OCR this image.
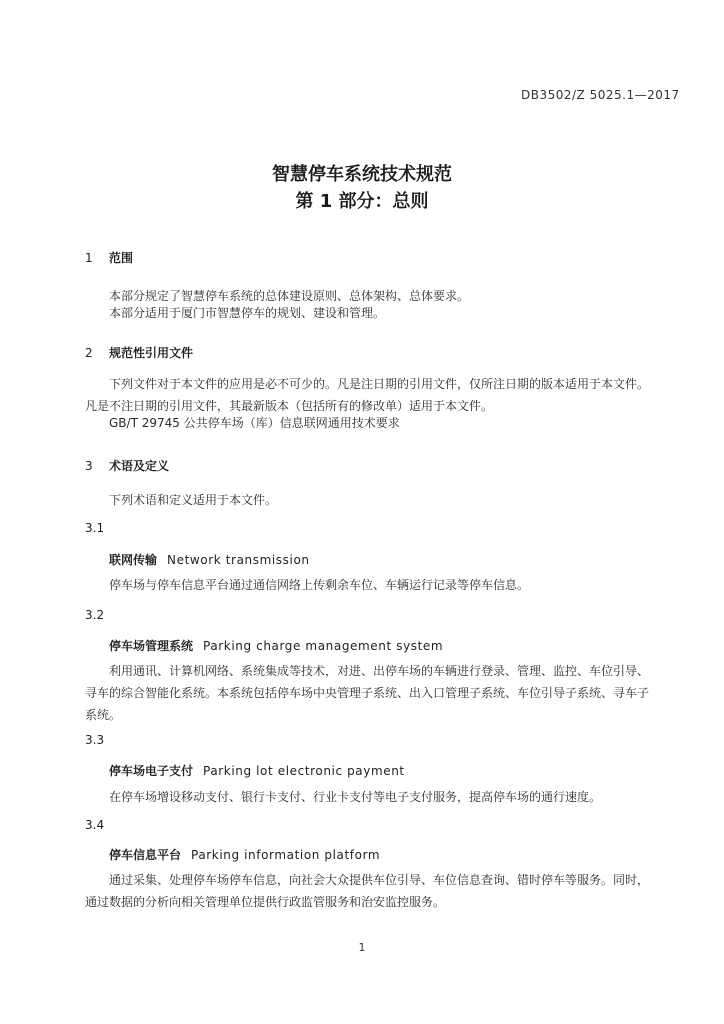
DB3502/Z 5025.1—2017
智慧停车系统技术规范
第 1 部分：总则
1 范围
本部分规定了智慧停车系统的总体建设原则、总体架构、总体要求。
本部分适用于厦门市智慧停车的规划、建设和管理。
2 规范性引用文件
下列文件对于本文件的应用是必不可少的。凡是注日期的引用文件，仅所注日期的版本适用于本文件。凡是不注日期的引用文件，其最新版本（包括所有的修改单）适用于本文件。
GB/T 29745 公共停车场（库）信息联网通用技术要求
3 术语及定义
下列术语和定义适用于本文件。
3.1
联网传输 Network transmission
停车场与停车信息平台通过通信网络上传剩余车位、车辆运行记录等停车信息。
3.2
停车场管理系统 Parking charge management system
利用通讯、计算机网络、系统集成等技术，对进、出停车场的车辆进行登录、管理、监控、车位引导、寻车的综合智能化系统。本系统包括停车场中央管理子系统、出入口管理子系统、车位引导子系统、寻车子系统。
3.3
停车场电子支付 Parking lot electronic payment
在停车场增设移动支付、银行卡支付、行业卡支付等电子支付服务，提高停车场的通行速度。
3.4
停车信息平台 Parking information platform
通过采集、处理停车场停车信息，向社会大众提供车位引导、车位信息查询、错时停车等服务。同时，通过数据的分析向相关管理单位提供行政监管服务和治安监控服务。
1
